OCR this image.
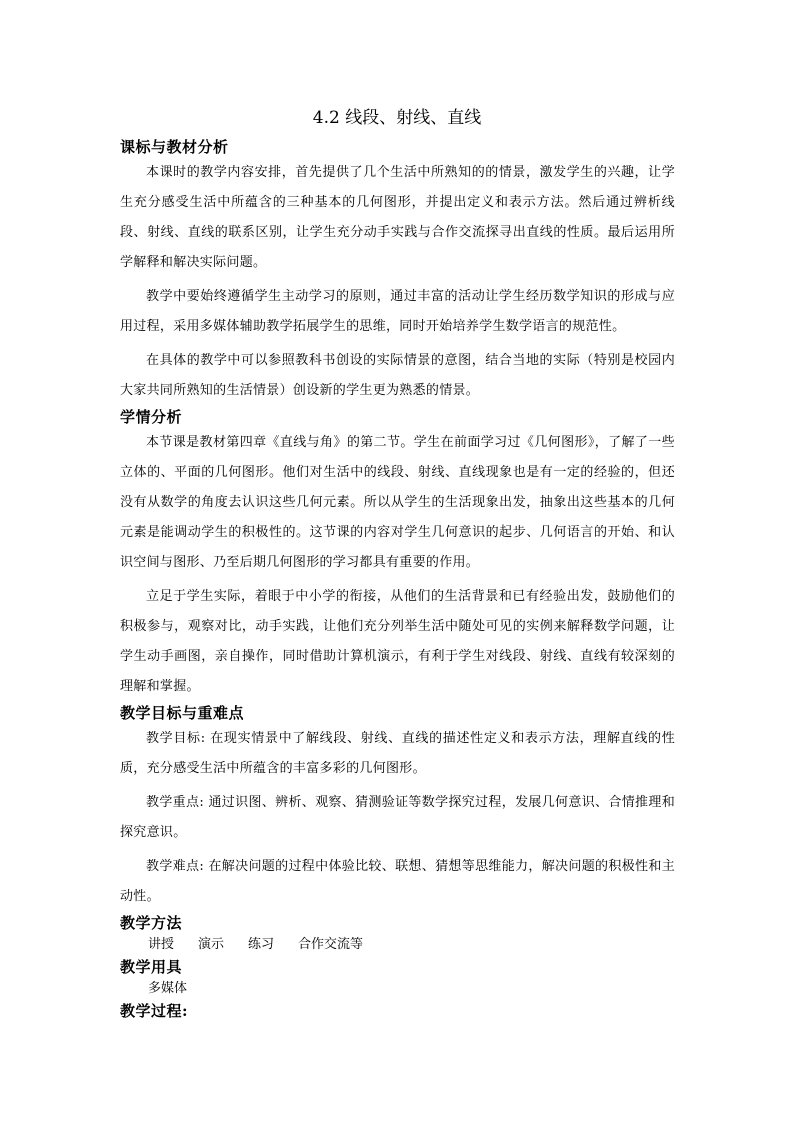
4.2 线段、射线、直线
课标与教材分析

本课时的教学内容安排，首先提供了几个生活中所熟知的的情景，激发学生的兴趣，让学生充分感受生活中所蕴含的三种基本的几何图形，并提出定义和表示方法。然后通过辨析线段、射线、直线的联系区别，让学生充分动手实践与合作交流探寻出直线的性质。最后运用所学解释和解决实际问题。

教学中要始终遵循学生主动学习的原则，通过丰富的活动让学生经历数学知识的形成与应用过程，采用多媒体辅助教学拓展学生的思维，同时开始培养学生数学语言的规范性。

在具体的教学中可以参照教科书创设的实际情景的意图，结合当地的实际（特别是校园内大家共同所熟知的生活情景）创设新的学生更为熟悉的情景。

学情分析

本节课是教材第四章《直线与角》的第二节。学生在前面学习过《几何图形》，了解了一些立体的、平面的几何图形。他们对生活中的线段、射线、直线现象也是有一定的经验的，但还没有从数学的角度去认识这些几何元素。所以从学生的生活现象出发，抽象出这些基本的几何元素是能调动学生的积极性的。这节课的内容对学生几何意识的起步、几何语言的开始、和认识空间与图形、乃至后期几何图形的学习都具有重要的作用。

立足于学生实际，着眼于中小学的衔接，从他们的生活背景和已有经验出发，鼓励他们的积极参与，观察对比，动手实践，让他们充分列举生活中随处可见的实例来解释数学问题，让学生动手画图，亲自操作，同时借助计算机演示，有利于学生对线段、射线、直线有较深刻的理解和掌握。

教学目标与重难点

教学目标: 在现实情景中了解线段、射线、直线的描述性定义和表示方法，理解直线的性质，充分感受生活中所蕴含的丰富多彩的几何图形。

教学重点: 通过识图、辨析、观察、猜测验证等数学探究过程，发展几何意识、合情推理和探究意识。

教学难点: 在解决问题的过程中体验比较、联想、猜想等思维能力，解决问题的积极性和主动性。

教学方法

讲授 演示 练习 合作交流等

教学用具

多媒体

教学过程:
